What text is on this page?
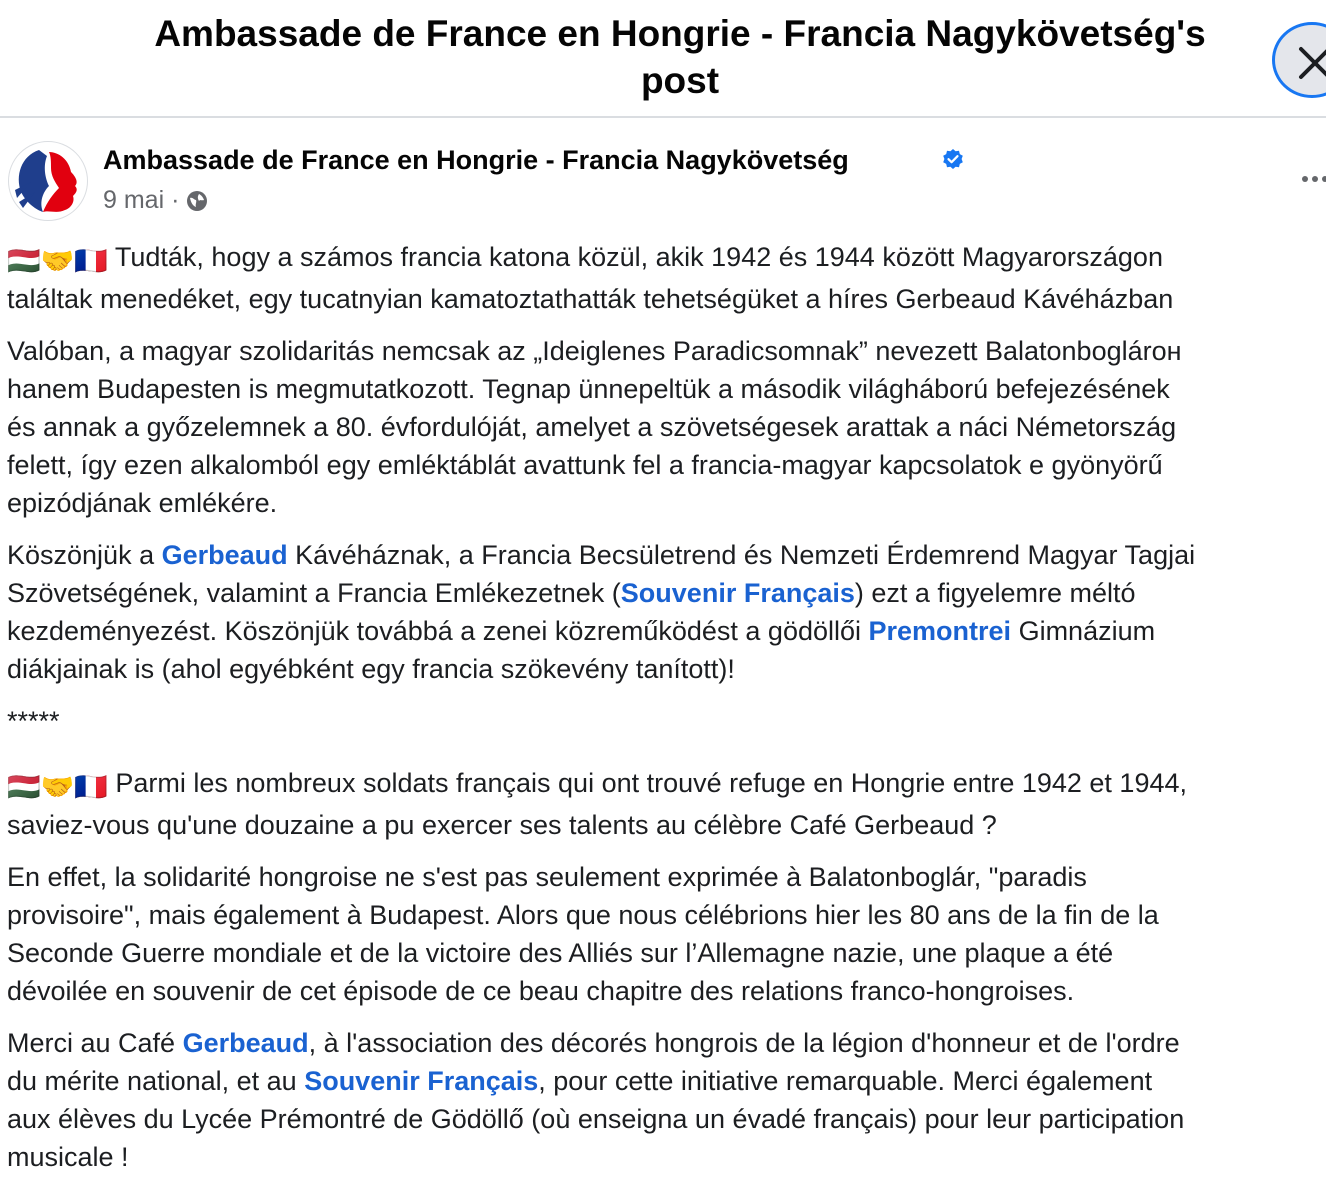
Ambassade de France en Hongrie - Francia Nagykövetség's
post
Ambassade de France en Hongrie - Francia Nagykövetség
9 mai ·
🇭🇺🤝🇫🇷 Tudták, hogy a számos francia katona közül, akik 1942 és 1944 között Magyarországon
találtak menedéket, egy tucatnyian kamatoztathatták tehetségüket a híres Gerbeaud Kávéházban
Valóban, a magyar szolidaritás nemcsak az „Ideiglenes Paradicsomnak” nevezett Balatonboglárон
hanem Budapesten is megmutatkozott. Tegnap ünnepeltük a második világháború befejezésének
és annak a győzelemnek a 80. évfordulóját, amelyet a szövetségesek arattak a náci Németország
felett, így ezen alkalomból egy emléktáblát avattunk fel a francia-magyar kapcsolatok e gyönyörű
epizódjának emlékére.
Köszönjük a Gerbeaud Kávéháznak, a Francia Becsületrend és Nemzeti Érdemrend Magyar Tagjai
Szövetségének, valamint a Francia Emlékezetnek (Souvenir Français) ezt a figyelemre méltó
kezdeményezést. Köszönjük továbbá a zenei közreműködést a gödöllői Premontrei Gimnázium
diákjainak is (ahol egyébként egy francia szökevény tanított)!
*****
🇭🇺🤝🇫🇷 Parmi les nombreux soldats français qui ont trouvé refuge en Hongrie entre 1942 et 1944,
saviez-vous qu'une douzaine a pu exercer ses talents au célèbre Café Gerbeaud ?
En effet, la solidarité hongroise ne s'est pas seulement exprimée à Balatonboglár, "paradis
provisoire", mais également à Budapest. Alors que nous célébrions hier les 80 ans de la fin de la
Seconde Guerre mondiale et de la victoire des Alliés sur l’Allemagne nazie, une plaque a été
dévoilée en souvenir de cet épisode de ce beau chapitre des relations franco-hongroises.
Merci au Café Gerbeaud, à l'association des décorés hongrois de la légion d'honneur et de l'ordre
du mérite national, et au Souvenir Français, pour cette initiative remarquable. Merci également
aux élèves du Lycée Prémontré de Gödöllő (où enseigna un évadé français) pour leur participation
musicale !
